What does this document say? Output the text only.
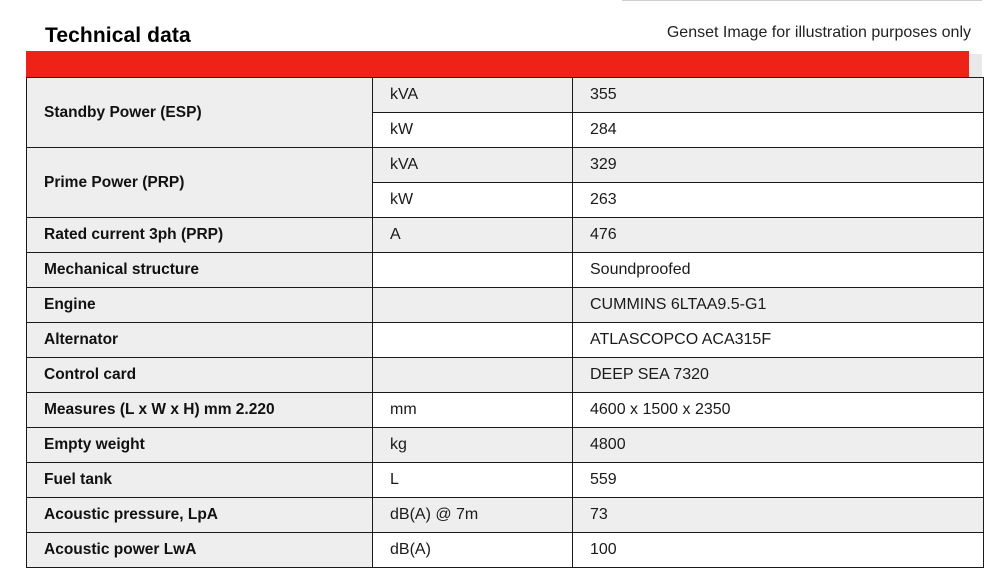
Technical data	Genset Image for illustration purposes only
Standby Power (ESP)	kVA	355
	kW	284
Prime Power (PRP)	kVA	329
	kW	263
Rated current 3ph (PRP)	A	476
Mechanical structure		Soundproofed
Engine		CUMMINS 6LTAA9.5-G1
Alternator		ATLASCOPCO ACA315F
Control card		DEEP SEA 7320
Measures (L x W x H) mm 2.220	mm	4600 x 1500 x 2350
Empty weight	kg	4800
Fuel tank	L	559
Acoustic pressure, LpA	dB(A) @ 7m	73
Acoustic power LwA	dB(A)	100
